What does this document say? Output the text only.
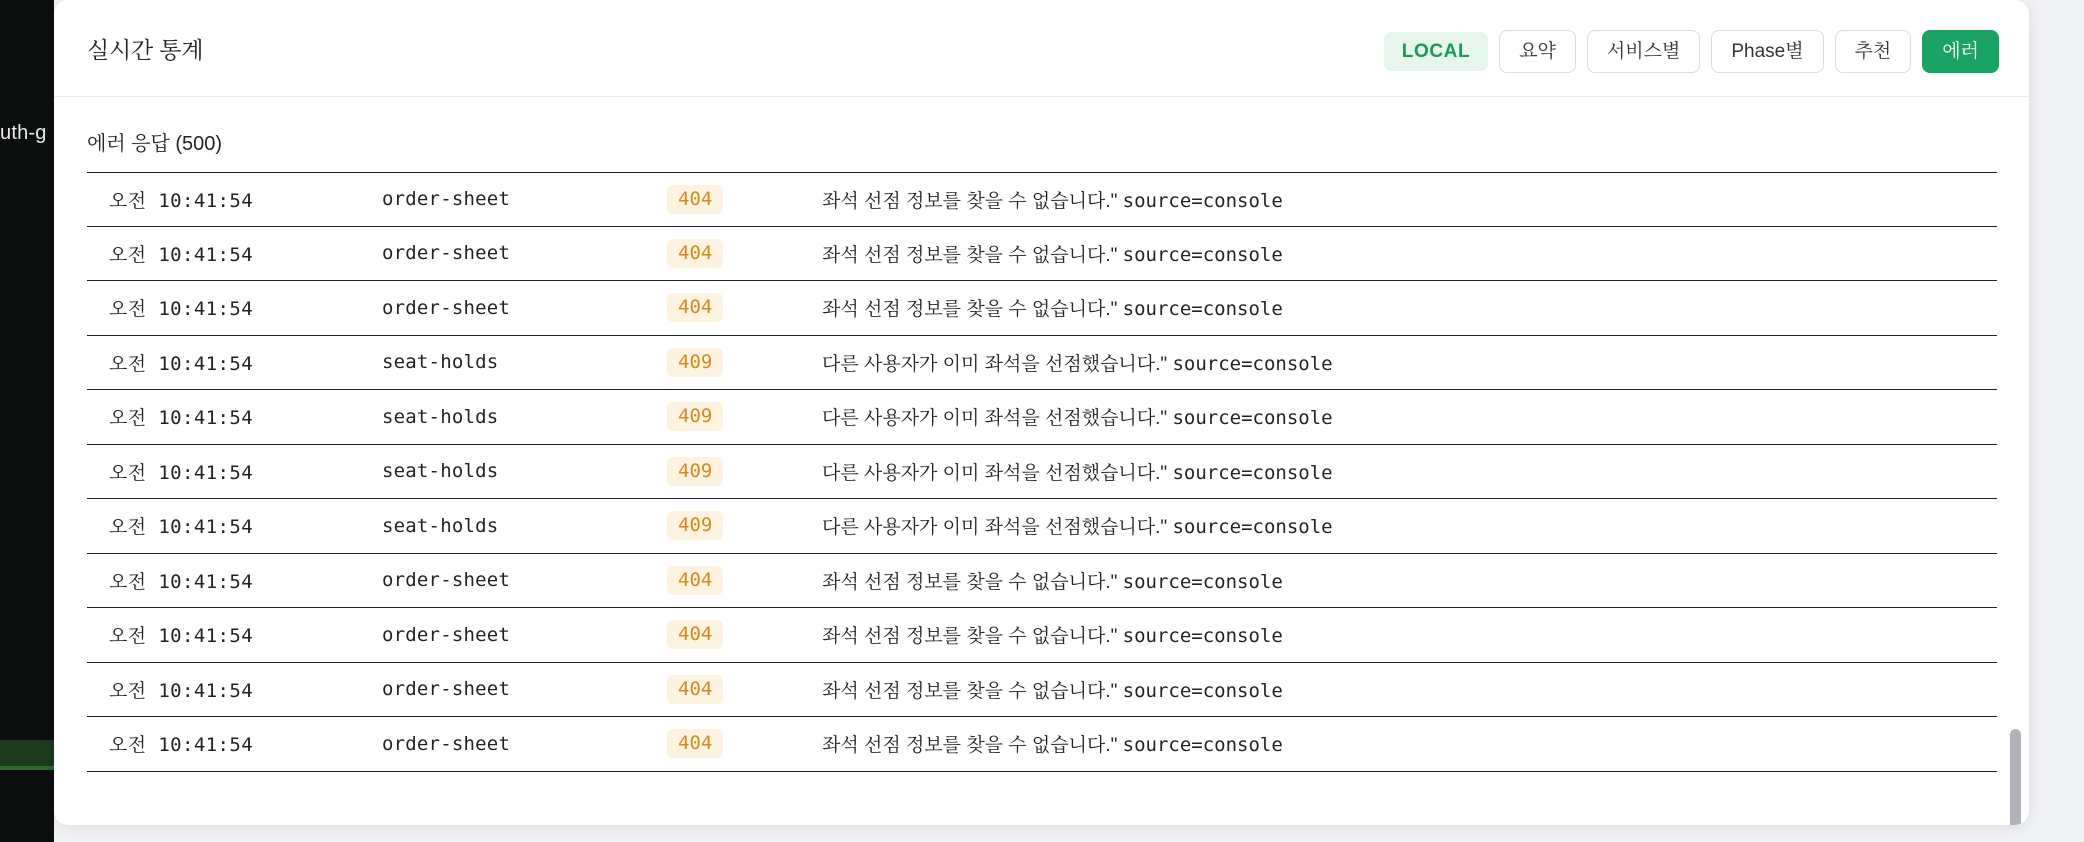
uth-g
실시간 통계	LOCAL	요약	서비스별	Phase별	추천	에러
에러 응답 (500)
오전 10:41:54	order-sheet	404	좌석 선점 정보를 찾을 수 없습니다." source=console
오전 10:41:54	order-sheet	404	좌석 선점 정보를 찾을 수 없습니다." source=console
오전 10:41:54	order-sheet	404	좌석 선점 정보를 찾을 수 없습니다." source=console
오전 10:41:54	seat-holds	409	다른 사용자가 이미 좌석을 선점했습니다." source=console
오전 10:41:54	seat-holds	409	다른 사용자가 이미 좌석을 선점했습니다." source=console
오전 10:41:54	seat-holds	409	다른 사용자가 이미 좌석을 선점했습니다." source=console
오전 10:41:54	seat-holds	409	다른 사용자가 이미 좌석을 선점했습니다." source=console
오전 10:41:54	order-sheet	404	좌석 선점 정보를 찾을 수 없습니다." source=console
오전 10:41:54	order-sheet	404	좌석 선점 정보를 찾을 수 없습니다." source=console
오전 10:41:54	order-sheet	404	좌석 선점 정보를 찾을 수 없습니다." source=console
오전 10:41:54	order-sheet	404	좌석 선점 정보를 찾을 수 없습니다." source=console
